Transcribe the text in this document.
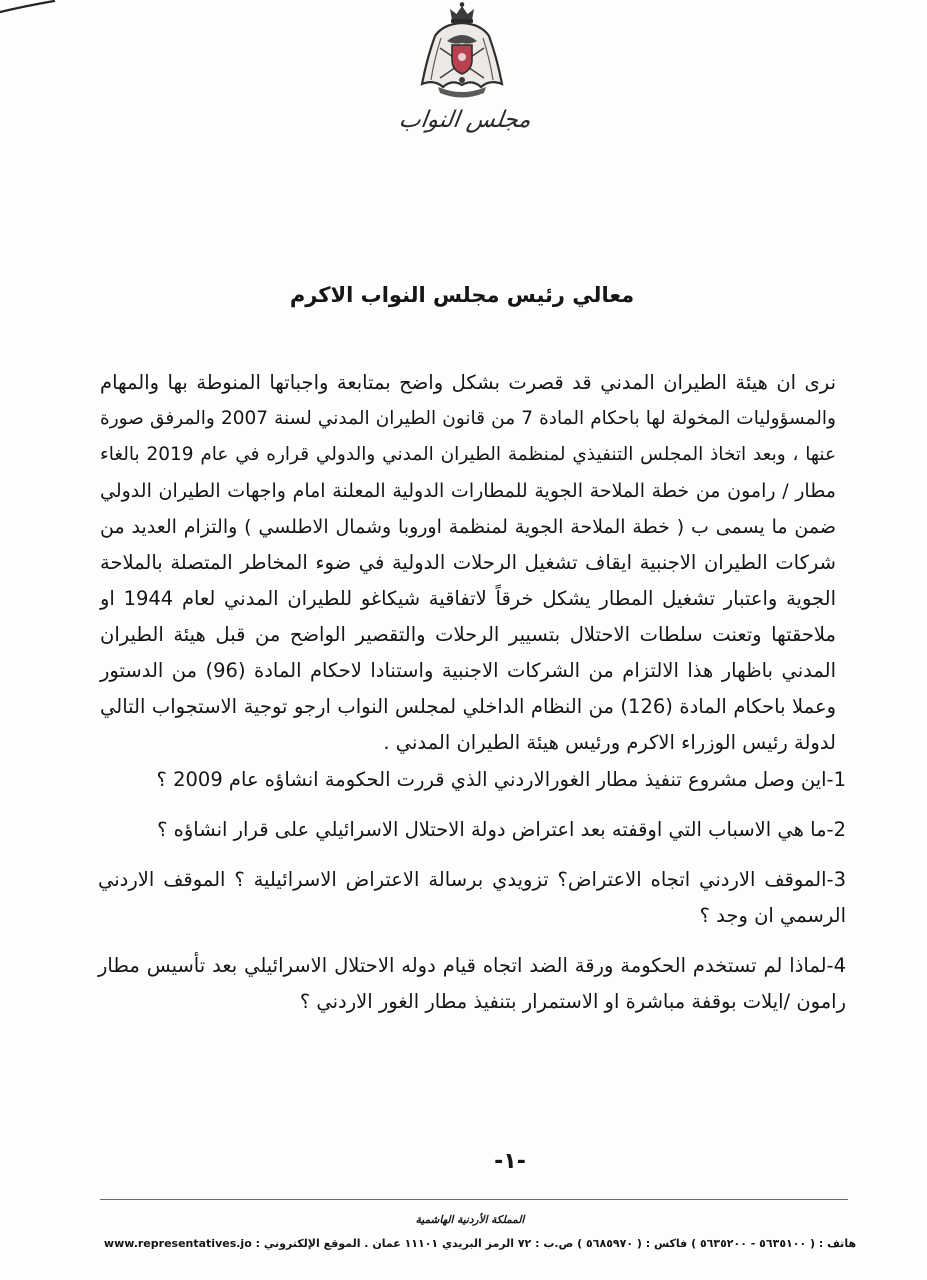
مجلس النواب
معالي رئيس مجلس النواب الاكرم
نرى ان هيئة الطيران المدني قد قصرت بشكل واضح بمتابعة واجباتها المنوطة بها والمهام
والمسؤوليات المخولة لها باحكام المادة 7 من قانون الطيران المدني لسنة 2007 والمرفق صورة
عنها ، وبعد اتخاذ المجلس التنفيذي لمنظمة الطيران المدني والدولي قراره في عام 2019 بالغاء
مطار / رامون من خطة الملاحة الجوية للمطارات الدولية المعلنة امام واجهات الطيران الدولي
ضمن ما يسمى ب ( خطة الملاحة الجوية لمنظمة اوروبا وشمال الاطلسي ) والتزام العديد من
شركات الطيران الاجنبية ايقاف تشغيل الرحلات الدولية في ضوء المخاطر المتصلة بالملاحة
الجوية واعتبار تشغيل المطار يشكل خرقاً لاتفاقية شيكاغو للطيران المدني لعام 1944 او
ملاحقتها وتعنت سلطات الاحتلال بتسيير الرحلات والتقصير الواضح من قبل هيئة الطيران
المدني باظهار هذا الالتزام من الشركات الاجنبية واستنادا لاحكام المادة (96) من الدستور
وعملا باحكام المادة (126) من النظام الداخلي لمجلس النواب ارجو توجية الاستجواب التالي
لدولة رئيس الوزراء الاكرم ورئيس هيئة الطيران المدني .
1-اين وصل مشروع تنفيذ مطار الغورالاردني الذي قررت الحكومة انشاؤه عام 2009 ؟
2-ما هي الاسباب التي اوقفته بعد اعتراض دولة الاحتلال الاسرائيلي على قرار انشاؤه ؟
3-الموقف الاردني اتجاه الاعتراض؟ تزويدي برسالة الاعتراض الاسرائيلية ؟ الموقف الاردني
الرسمي ان وجد ؟
4-لماذا لم تستخدم الحكومة ورقة الضد اتجاه قيام دوله الاحتلال الاسرائيلي بعد تأسيس مطار
رامون /ايلات بوقفة مباشرة او الاستمرار بتنفيذ مطار الغور الاردني ؟
-١-
المملكة الأردنية الهاشمية
هاتف : ( ٥٦٣٥١٠٠ - ٥٦٣٥٢٠٠ ) فاكس : ( ٥٦٨٥٩٧٠ ) ص.ب : ٧٢ الرمز البريدي ١١١٠١ عمان . الموقع الإلكتروني : www.representatives.jo
